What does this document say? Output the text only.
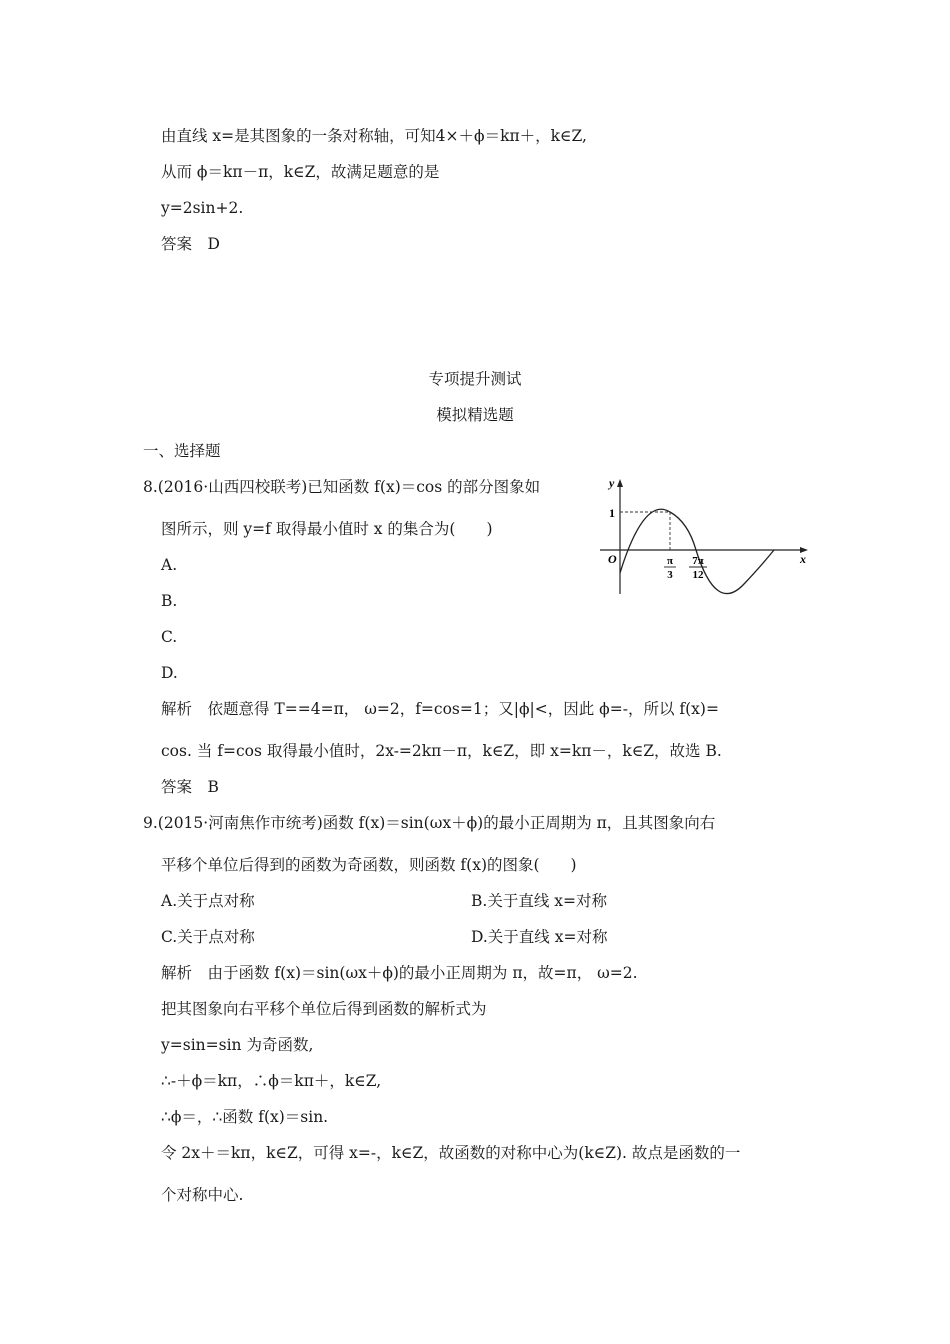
由直线 x=是其图象的一条对称轴，可知4×＋ϕ＝kπ＋，k∈Z,
从而 ϕ＝kπ－π，k∈Z，故满足题意的是
y=2sin+2.
答案　D
专项提升测试
模拟精选题
一、选择题
8.(2016·山西四校联考)已知函数 f(x)＝cos 的部分图象如
图所示，则 y=f 取得最小值时 x 的集合为(　　)
A.
B.
C.
D.
解析　依题意得 T==4=π， ω=2，f=cos=1；又|ϕ|<，因此 ϕ=-，所以 f(x)=
cos. 当 f=cos 取得最小值时，2x-=2kπ－π，k∈Z，即 x=kπ－，k∈Z，故选 B.
答案　B
y
x
O
1
π
3
7π
12
9.(2015·河南焦作市统考)函数 f(x)＝sin(ωx＋ϕ)的最小正周期为 π，且其图象向右
平移个单位后得到的函数为奇函数，则函数 f(x)的图象(　　)
A.关于点对称	B.关于直线 x=对称
C.关于点对称	D.关于直线 x=对称
解析　由于函数 f(x)＝sin(ωx＋ϕ)的最小正周期为 π，故=π， ω=2.
把其图象向右平移个单位后得到函数的解析式为
y=sin=sin 为奇函数,
∴-＋ϕ＝kπ，∴ϕ＝kπ＋，k∈Z,
∴ϕ＝，∴函数 f(x)＝sin.
令 2x＋＝kπ，k∈Z，可得 x=-，k∈Z，故函数的对称中心为(k∈Z). 故点是函数的一
个对称中心.
